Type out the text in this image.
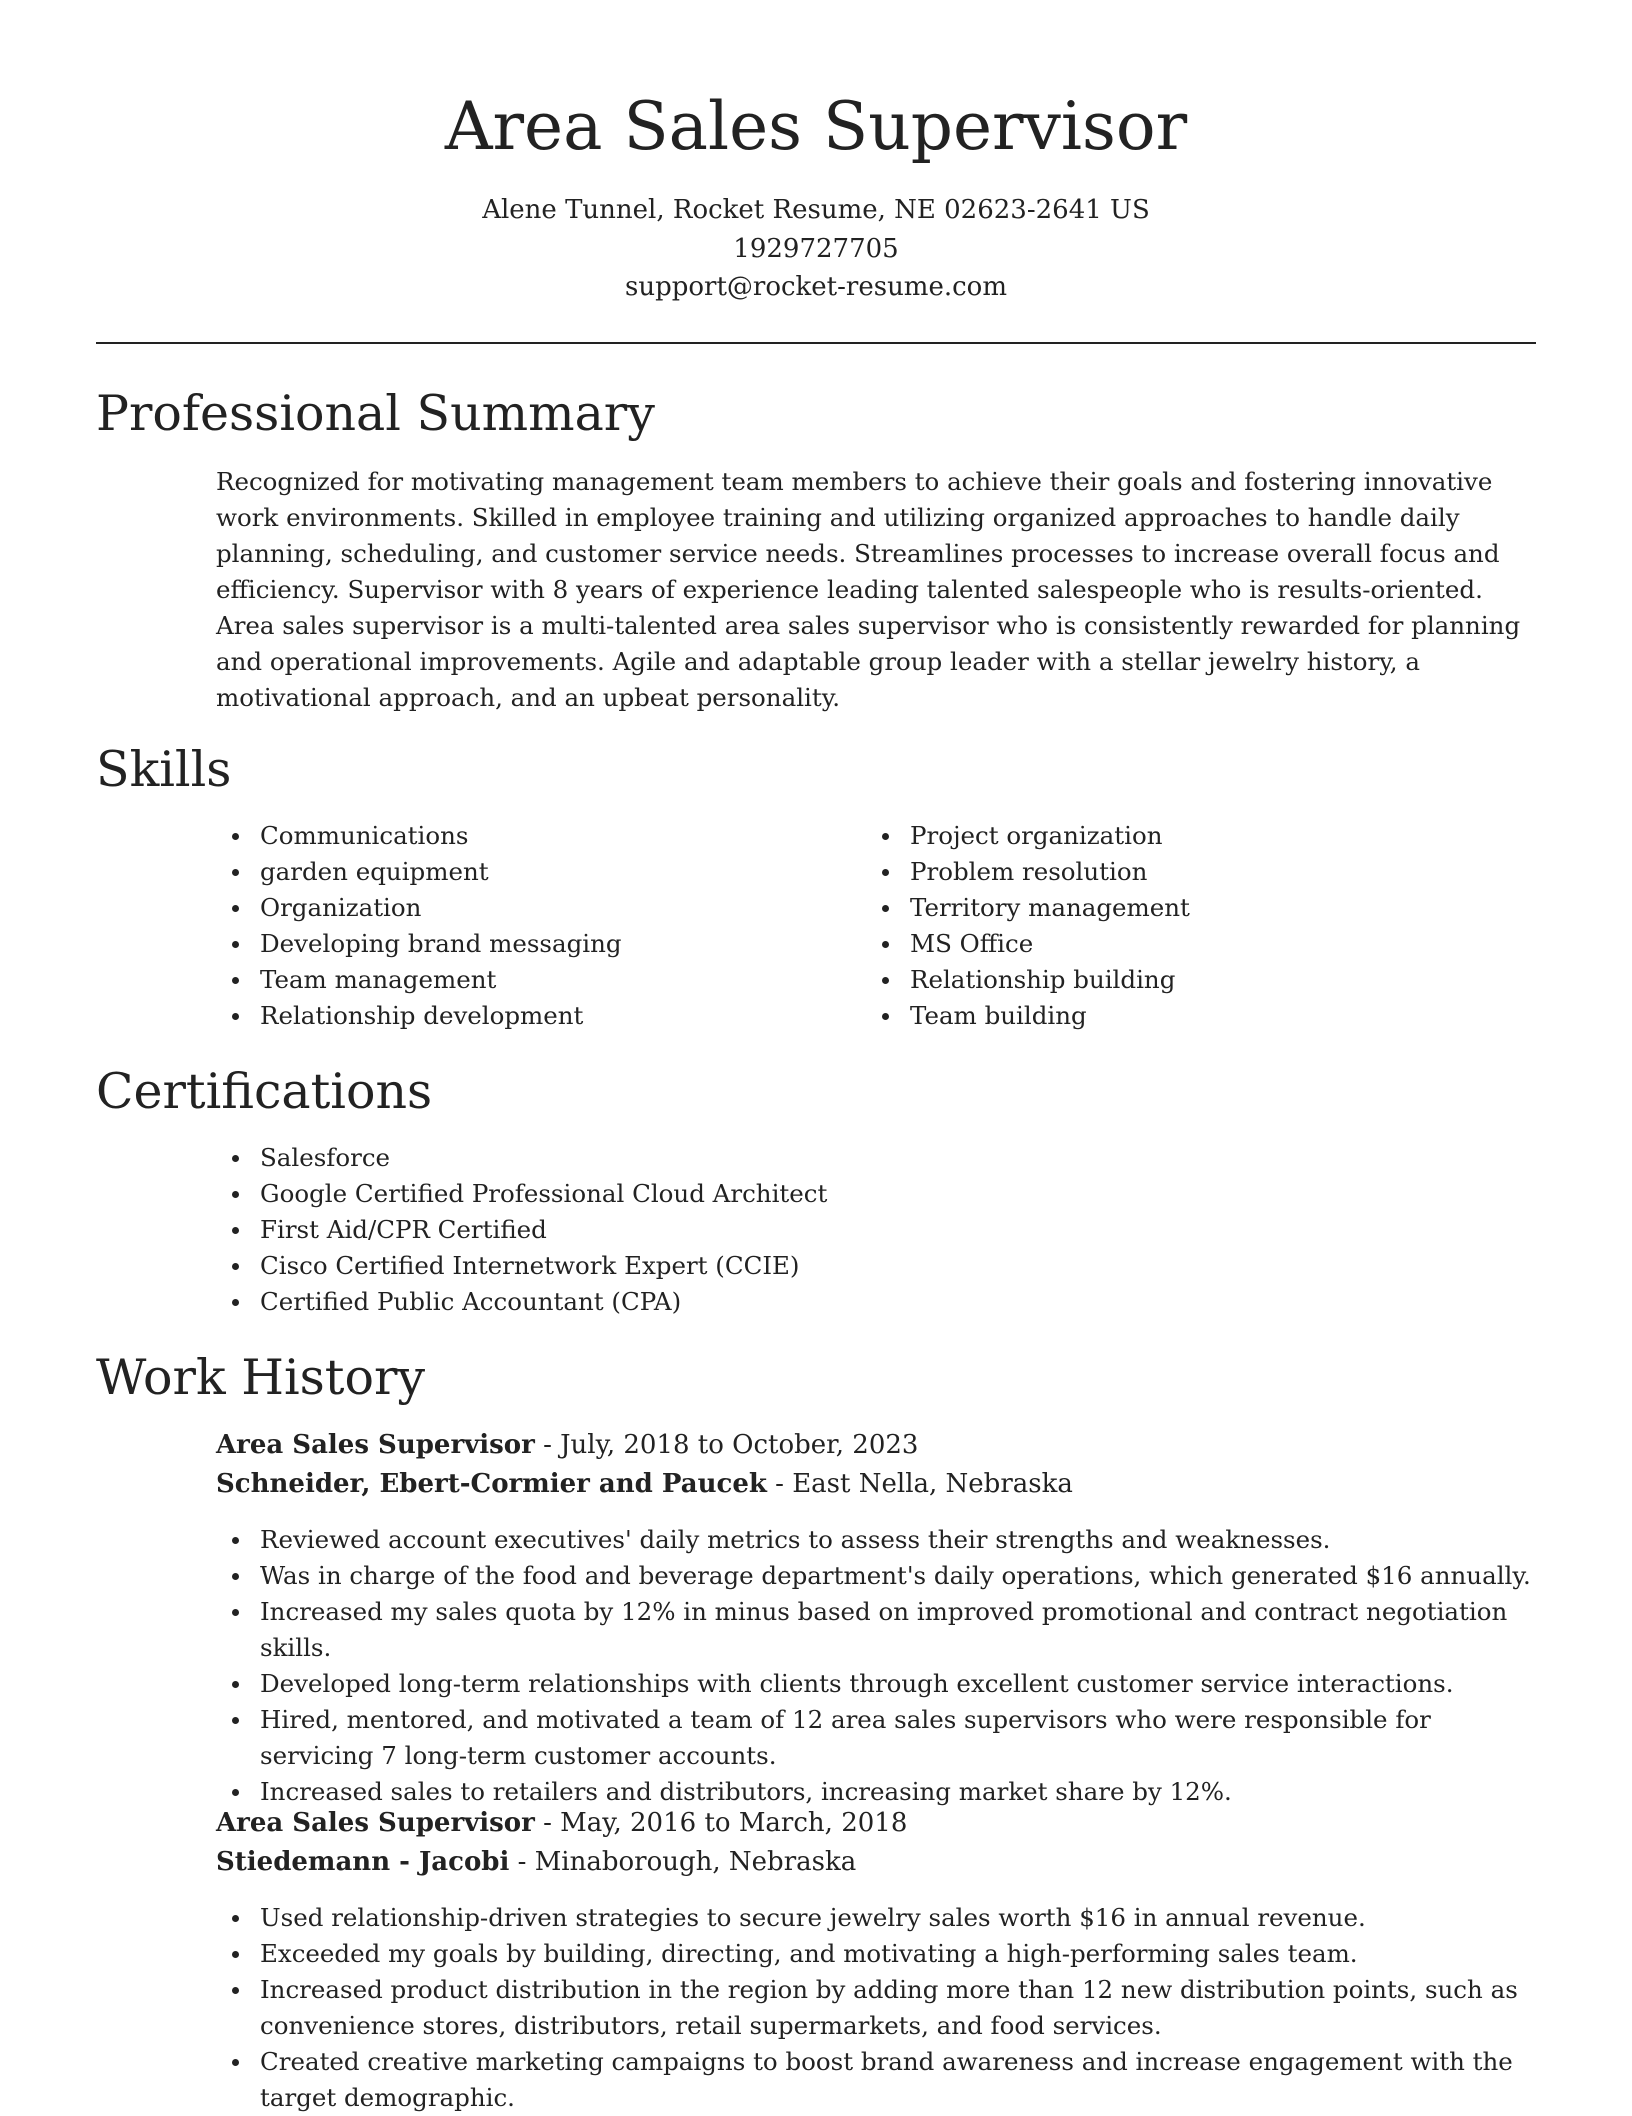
Area Sales Supervisor
Alene Tunnel, Rocket Resume, NE 02623-2641 US
1929727705
support@rocket-resume.com
Professional Summary

Recognized for motivating management team members to achieve their goals and fostering innovative work environments. Skilled in employee training and utilizing organized approaches to handle daily planning, scheduling, and customer service needs. Streamlines processes to increase overall focus and efficiency. Supervisor with 8 years of experience leading talented salespeople who is results-oriented. Area sales supervisor is a multi-talented area sales supervisor who is consistently rewarded for planning and operational improvements. Agile and adaptable group leader with a stellar jewelry history, a motivational approach, and an upbeat personality.

Skills
Communications
garden equipment
Organization
Developing brand messaging
Team management
Relationship development
Project organization
Problem resolution
Territory management
MS Office
Relationship building
Team building
Certifications
Salesforce
Google Certified Professional Cloud Architect
First Aid/CPR Certified
Cisco Certified Internetwork Expert (CCIE)
Certified Public Accountant (CPA)
Work History
Area Sales Supervisor - July, 2018 to October, 2023
Schneider, Ebert-Cormier and Paucek - East Nella, Nebraska
Reviewed account executives' daily metrics to assess their strengths and weaknesses.
Was in charge of the food and beverage department's daily operations, which generated $16 annually.
Increased my sales quota by 12% in minus based on improved promotional and contract negotiation skills.
Developed long-term relationships with clients through excellent customer service interactions.
Hired, mentored, and motivated a team of 12 area sales supervisors who were responsible for servicing 7 long-term customer accounts.
Increased sales to retailers and distributors, increasing market share by 12%.
Area Sales Supervisor - May, 2016 to March, 2018
Stiedemann - Jacobi - Minaborough, Nebraska
Used relationship-driven strategies to secure jewelry sales worth $16 in annual revenue.
Exceeded my goals by building, directing, and motivating a high-performing sales team.
Increased product distribution in the region by adding more than 12 new distribution points, such as convenience stores, distributors, retail supermarkets, and food services.
Created creative marketing campaigns to boost brand awareness and increase engagement with the target demographic.
